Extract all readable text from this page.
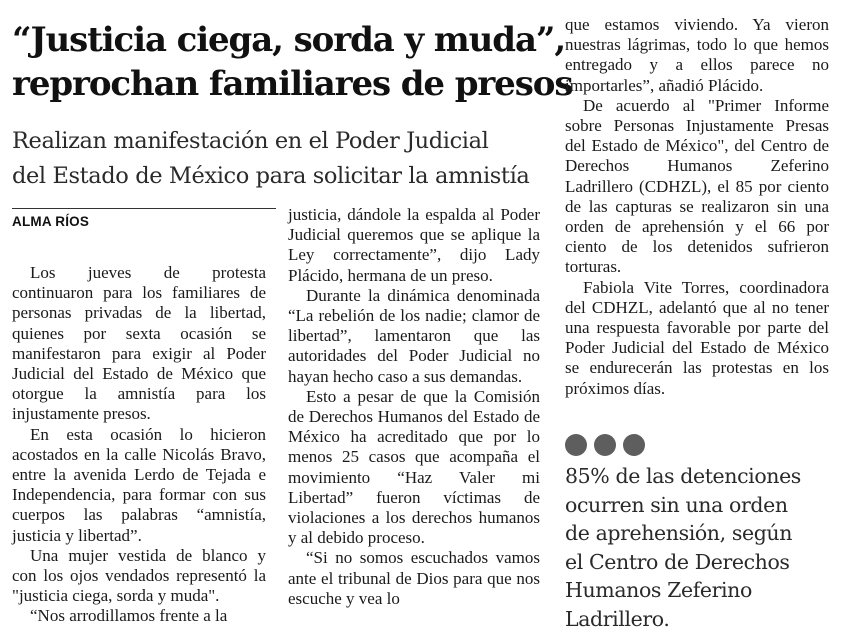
“Justicia ciega, sorda y muda”,
reprochan familiares de presos
Realizan manifestación en el Poder Judicial
del Estado de México para solicitar la amnistía
ALMA RÍOS

Los jueves de protesta continuaron para los familiares de personas privadas de la libertad, quienes por sexta ocasión se manifestaron para exigir al Poder Judicial del Estado de México que otorgue la amnistía para los injustamente presos.

En esta ocasión lo hicieron acostados en la calle Nicolás Bravo, entre la avenida Lerdo de Tejada e Independencia, para formar con sus cuerpos las palabras “amnistía, justicia y libertad”.

Una mujer vestida de blanco y con los ojos vendados representó la "justicia ciega, sorda y muda".

“Nos arrodillamos frente a la

justicia, dándole la espalda al Poder Judicial queremos que se aplique la Ley correctamente”, dijo Lady Plácido, hermana de un preso.

Durante la dinámica denominada “La rebelión de los nadie; clamor de libertad”, lamentaron que las autoridades del Poder Judicial no hayan hecho caso a sus demandas.

Esto a pesar de que la Comisión de Derechos Humanos del Estado de México ha acreditado que por lo menos 25 casos que acompaña el movimiento “Haz Valer mi Libertad” fueron víctimas de violaciones a los derechos humanos y al debido proceso.

“Si no somos escuchados vamos ante el tribunal de Dios para que nos escuche y vea lo

que estamos viviendo. Ya vieron nuestras lágrimas, todo lo que hemos entregado y a ellos parece no importarles”, añadió Plácido.

De acuerdo al "Primer Informe sobre Personas Injustamente Presas del Estado de México", del Centro de Derechos Humanos Zeferino Ladrillero (CDHZL), el 85 por ciento de las capturas se realizaron sin una orden de aprehensión y el 66 por ciento de los detenidos sufrieron torturas.

Fabiola Vite Torres, coordinadora del CDHZL, adelantó que al no tener una respuesta favorable por parte del Poder Judicial del Estado de México se endurecerán las protestas en los próximos días.

85% de las detenciones
ocurren sin una orden
de aprehensión, según
el Centro de Derechos
Humanos Zeferino
Ladrillero.
